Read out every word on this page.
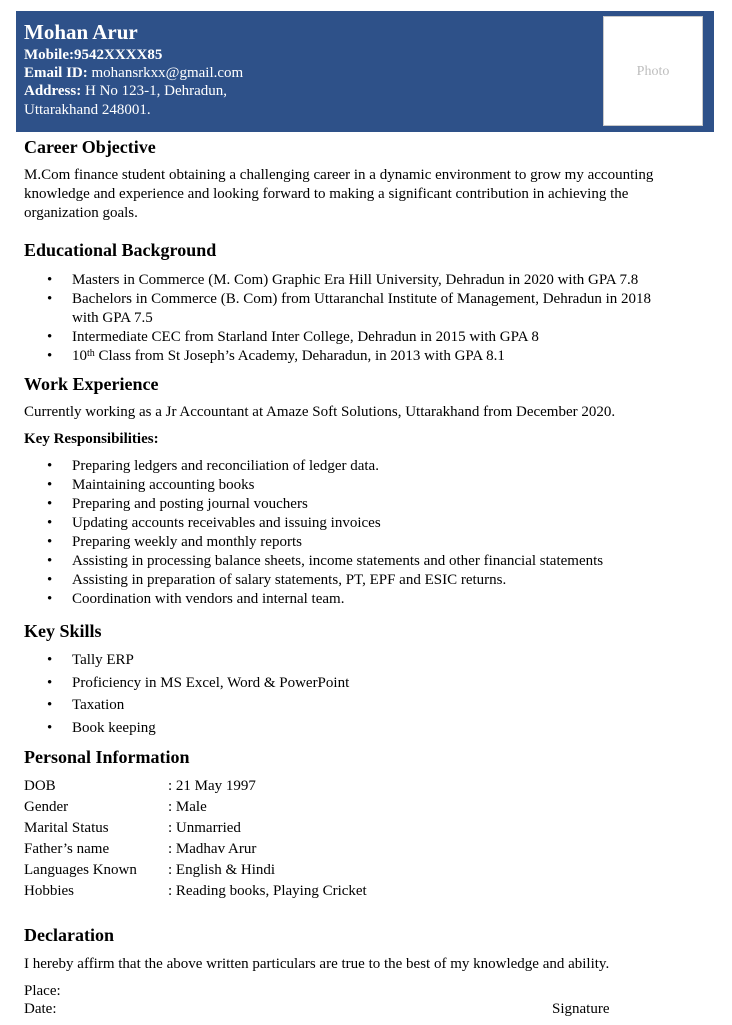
Mohan Arur
Mobile:9542XXXX85
Email ID: mohansrkxx@gmail.com
Address: H No 123-1, Dehradun,
Uttarakhand 248001.
Photo
Career Objective
M.Com finance student obtaining a challenging career in a dynamic environment to grow my accounting
knowledge and experience and looking forward to making a significant contribution in achieving the
organization goals.
Educational Background
• Masters in Commerce (M. Com) Graphic Era Hill University, Dehradun in 2020 with GPA 7.8
• Bachelors in Commerce (B. Com) from Uttaranchal Institute of Management, Dehradun in 2018
with GPA 7.5
• Intermediate CEC from Starland Inter College, Dehradun in 2015 with GPA 8
• 10th Class from St Joseph’s Academy, Deharadun, in 2013 with GPA 8.1
Work Experience
Currently working as a Jr Accountant at Amaze Soft Solutions, Uttarakhand from December 2020.
Key Responsibilities:
• Preparing ledgers and reconciliation of ledger data.
• Maintaining accounting books
• Preparing and posting journal vouchers
• Updating accounts receivables and issuing invoices
• Preparing weekly and monthly reports
• Assisting in processing balance sheets, income statements and other financial statements
• Assisting in preparation of salary statements, PT, EPF and ESIC returns.
• Coordination with vendors and internal team.
Key Skills
• Tally ERP
• Proficiency in MS Excel, Word & PowerPoint
• Taxation
• Book keeping
Personal Information
DOB	: 21 May 1997
Gender	: Male
Marital Status	: Unmarried
Father’s name	: Madhav Arur
Languages Known : English & Hindi
Hobbies	: Reading books, Playing Cricket
Declaration
I hereby affirm that the above written particulars are true to the best of my knowledge and ability.
Place:
Date:	Signature
